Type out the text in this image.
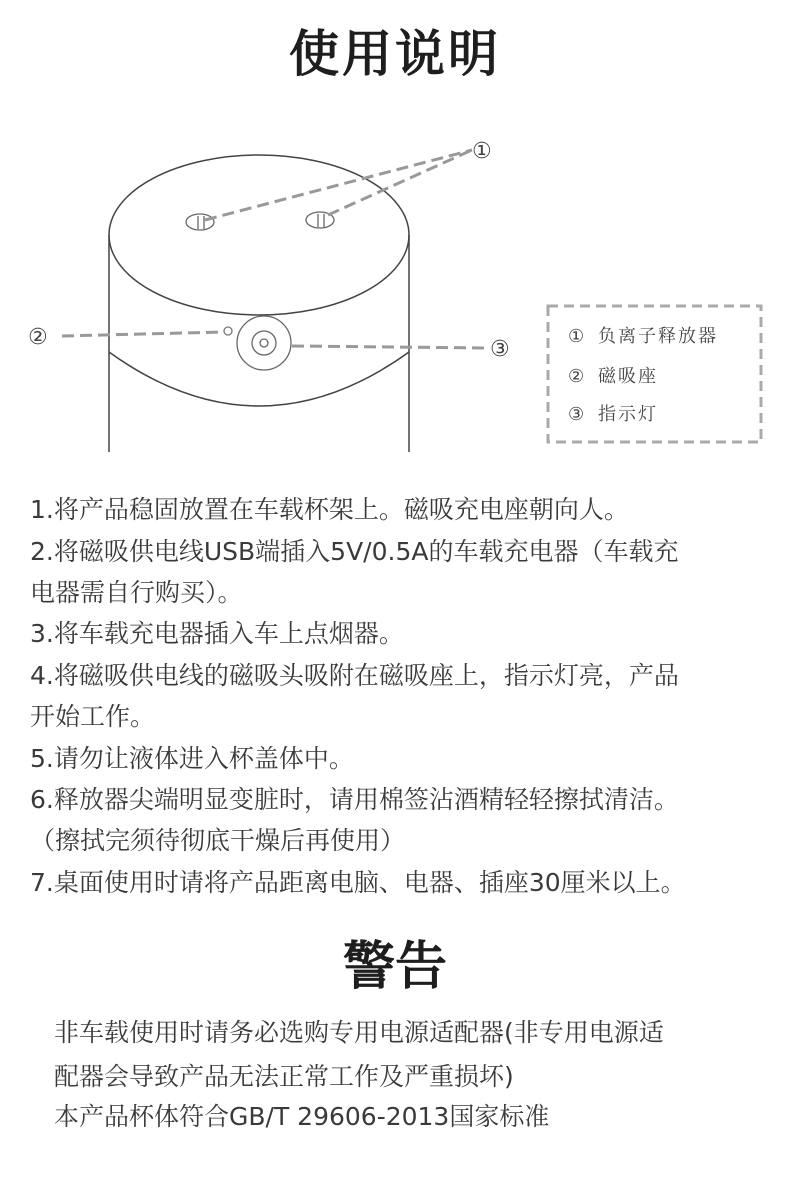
使用说明
①
②	③
① 负离子释放器
② 磁吸座
③ 指示灯
1.将产品稳固放置在车载杯架上。磁吸充电座朝向人。
2.将磁吸供电线USB端插入5V/0.5A的车载充电器（车载充
电器需自行购买）。
3.将车载充电器插入车上点烟器。
4.将磁吸供电线的磁吸头吸附在磁吸座上，指示灯亮，产品
开始工作。
5.请勿让液体进入杯盖体中。
6.释放器尖端明显变脏时，请用棉签沾酒精轻轻擦拭清洁。
（擦拭完须待彻底干燥后再使用）
7.桌面使用时请将产品距离电脑、电器、插座30厘米以上。
警告
非车载使用时请务必选购专用电源适配器(非专用电源适
配器会导致产品无法正常工作及严重损坏)
本产品杯体符合GB/T 29606-2013国家标准
